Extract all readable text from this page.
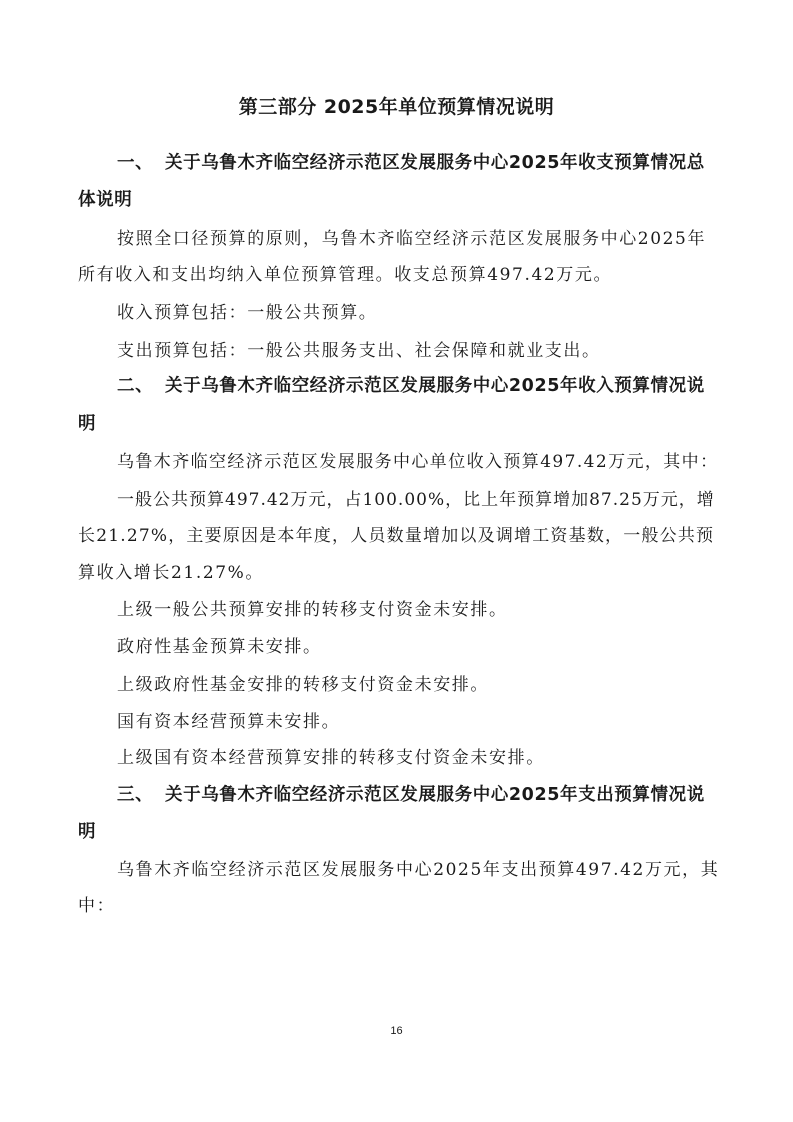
第三部分 2025年单位预算情况说明
一、 关于乌鲁木齐临空经济示范区发展服务中心2025年收支预算情况总
体说明
按照全口径预算的原则，乌鲁木齐临空经济示范区发展服务中心2025年
所有收入和支出均纳入单位预算管理。收支总预算497.42万元。
收入预算包括：一般公共预算。
支出预算包括：一般公共服务支出、社会保障和就业支出。
二、 关于乌鲁木齐临空经济示范区发展服务中心2025年收入预算情况说
明
乌鲁木齐临空经济示范区发展服务中心单位收入预算497.42万元，其中：
一般公共预算497.42万元，占100.00%，比上年预算增加87.25万元，增
长21.27%，主要原因是本年度，人员数量增加以及调增工资基数，一般公共预
算收入增长21.27%。
上级一般公共预算安排的转移支付资金未安排。
政府性基金预算未安排。
上级政府性基金安排的转移支付资金未安排。
国有资本经营预算未安排。
上级国有资本经营预算安排的转移支付资金未安排。
三、 关于乌鲁木齐临空经济示范区发展服务中心2025年支出预算情况说
明
乌鲁木齐临空经济示范区发展服务中心2025年支出预算497.42万元，其
中：
16
